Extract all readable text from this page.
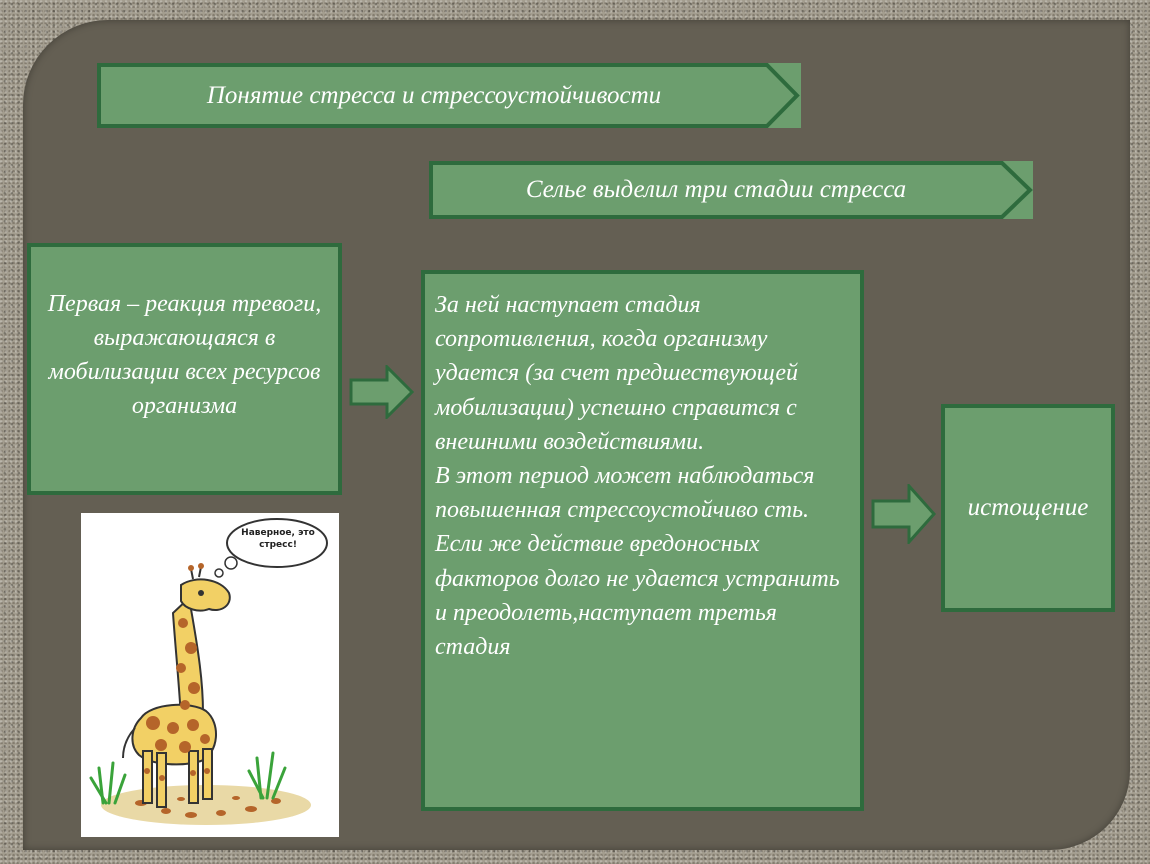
Понятие стресса и стрессоустойчивости
Селье выделил три стадии стресса
Первая – реакция тревоги, выражающаяся в мобилизации всех ресурсов организма

За ней наступает стадия сопротивления, когда организму удается (за счет предшествующей мобилизации) успешно справится с внешними воздействиями.

В этот период может наблюдаться повышенная стрессоустойчиво сть.

Если же действие вредоносных факторов долго не удается устранить и преодолеть,наступает третья стадия

истощение
Наверное, это стресс!
